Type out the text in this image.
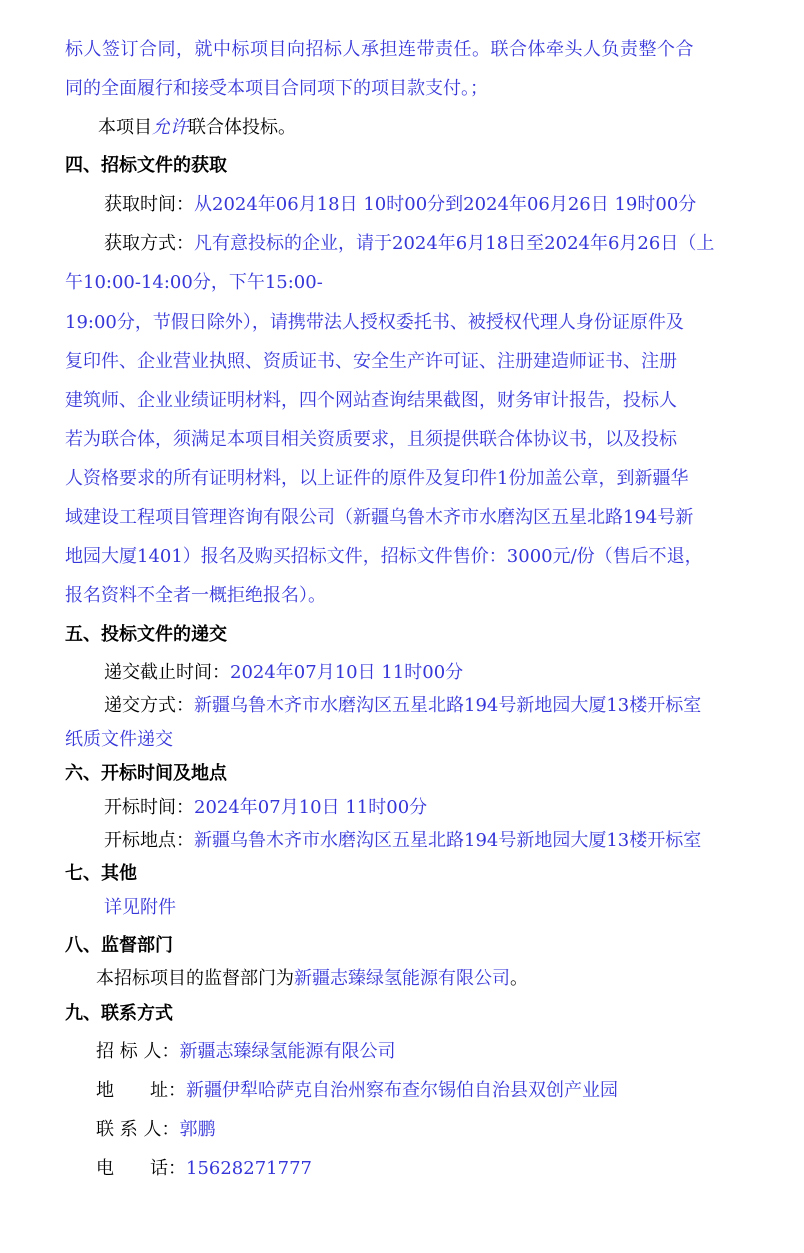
标人签订合同，就中标项目向招标人承担连带责任。联合体牵头人负责整个合
同的全面履行和接受本项目合同项下的项目款支付。；
本项目允许联合体投标。
四、招标文件的获取
获取时间：从2024年06月18日 10时00分到2024年06月26日 19时00分
获取方式：凡有意投标的企业，请于2024年6月18日至2024年6月26日（上
午10:00-14:00分，下午15:00-
19:00分，节假日除外），请携带法人授权委托书、被授权代理人身份证原件及
复印件、企业营业执照、资质证书、安全生产许可证、注册建造师证书、注册
建筑师、企业业绩证明材料，四个网站查询结果截图，财务审计报告，投标人
若为联合体，须满足本项目相关资质要求，且须提供联合体协议书，以及投标
人资格要求的所有证明材料，以上证件的原件及复印件1份加盖公章，到新疆华
域建设工程项目管理咨询有限公司（新疆乌鲁木齐市水磨沟区五星北路194号新
地园大厦1401）报名及购买招标文件，招标文件售价：3000元/份（售后不退，
报名资料不全者一概拒绝报名）。
五、投标文件的递交
递交截止时间：2024年07月10日 11时00分
递交方式：新疆乌鲁木齐市水磨沟区五星北路194号新地园大厦13楼开标室
纸质文件递交
六、开标时间及地点
开标时间：2024年07月10日 11时00分
开标地点：新疆乌鲁木齐市水磨沟区五星北路194号新地园大厦13楼开标室
七、其他
详见附件
八、监督部门
本招标项目的监督部门为新疆志臻绿氢能源有限公司。
九、联系方式
招 标 人：新疆志臻绿氢能源有限公司
地　　址：新疆伊犁哈萨克自治州察布查尔锡伯自治县双创产业园
联 系 人：郭鹏
电　　话：15628271777
